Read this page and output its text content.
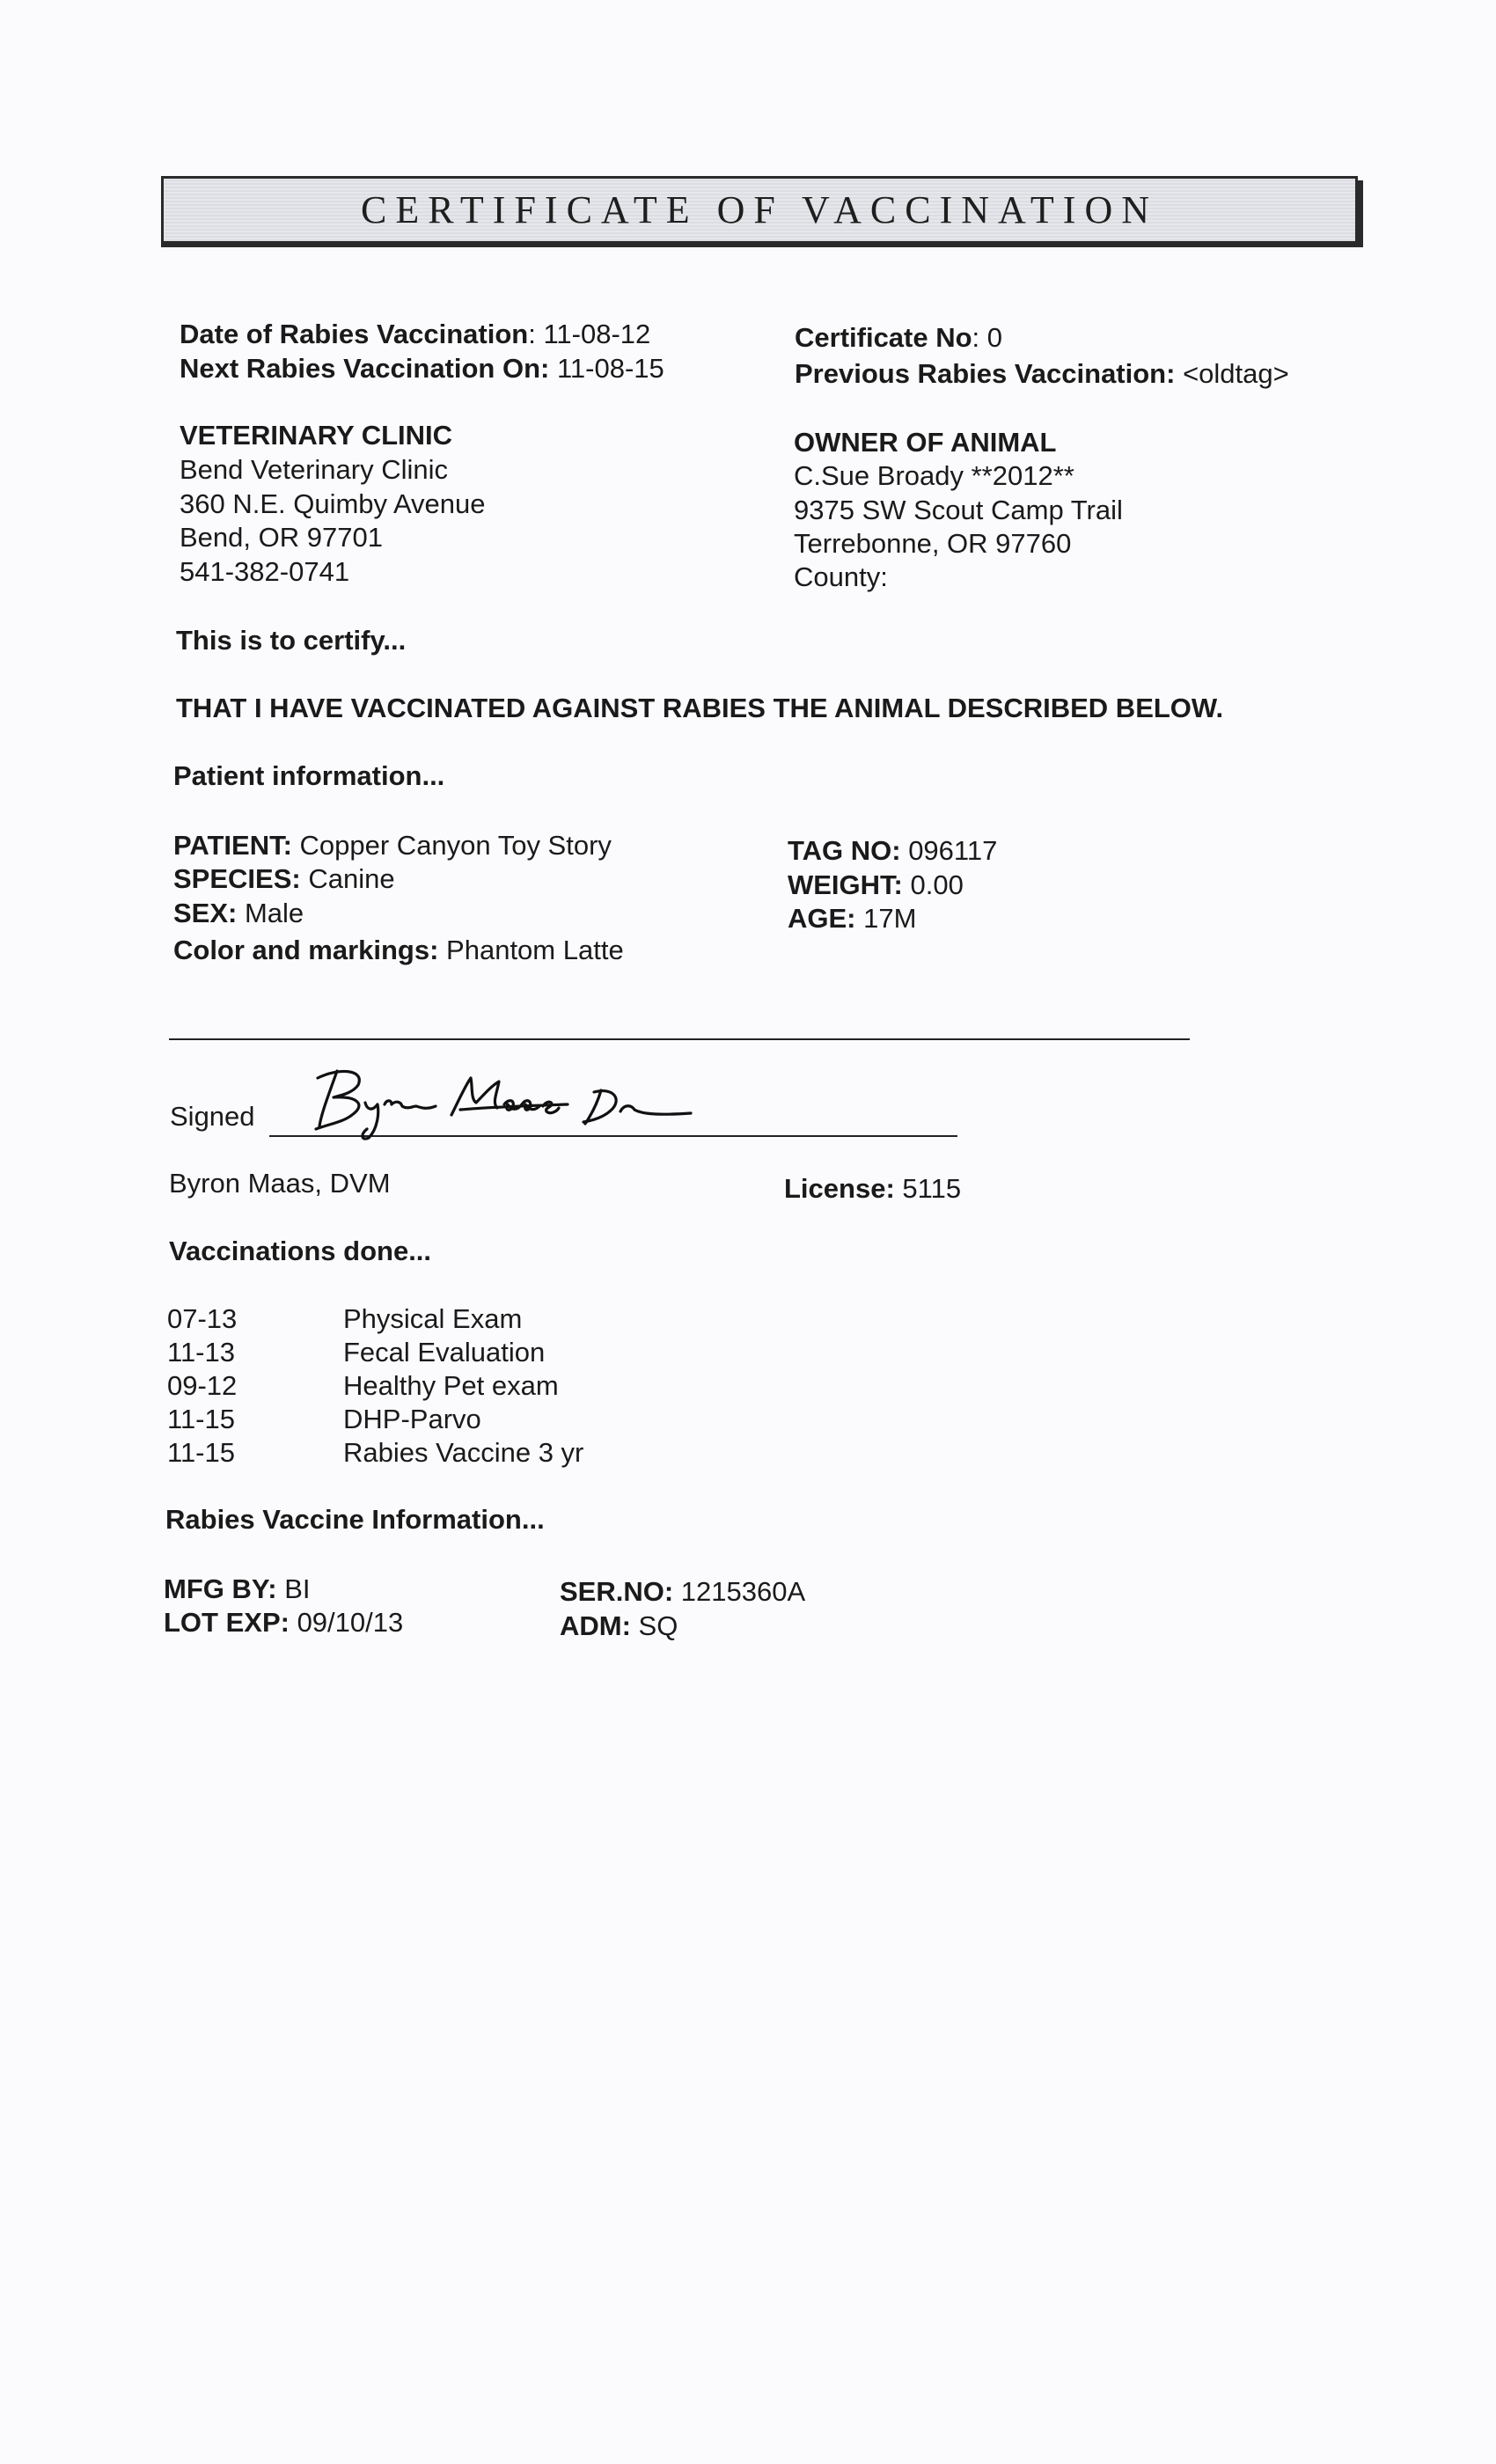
CERTIFICATE OF VACCINATION
Date of Rabies Vaccination: 11-08-12
Next Rabies Vaccination On: 11-08-15
Certificate No: 0
Previous Rabies Vaccination: <oldtag>
VETERINARY CLINIC
Bend Veterinary Clinic
360 N.E. Quimby Avenue
Bend, OR 97701
541-382-0741
OWNER OF ANIMAL
C.Sue Broady **2012**
9375 SW Scout Camp Trail
Terrebonne, OR 97760
County:
This is to certify...
THAT I HAVE VACCINATED AGAINST RABIES THE ANIMAL DESCRIBED BELOW.
Patient information...
PATIENT: Copper Canyon Toy Story
SPECIES: Canine
SEX: Male
Color and markings: Phantom Latte
TAG NO: 096117
WEIGHT: 0.00
AGE: 17M
Signed
Byron Maas, DVM	License: 5115
Vaccinations done...
07-13	Physical Exam
11-13	Fecal Evaluation
09-12	Healthy Pet exam
11-15	DHP-Parvo
11-15	Rabies Vaccine 3 yr
Rabies Vaccine Information...
MFG BY: BI
LOT EXP: 09/10/13
SER.NO: 1215360A
ADM: SQ
